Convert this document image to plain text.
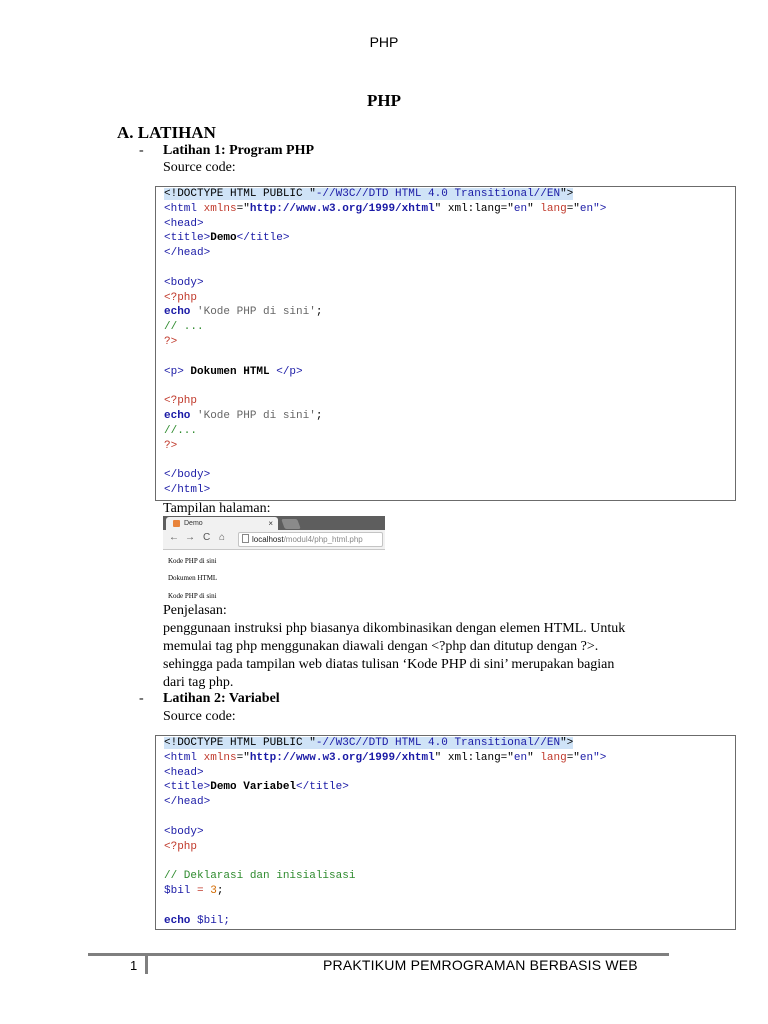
PHP
PHP
A. LATIHAN
- Latihan 1: Program PHP
Source code:
<!DOCTYPE HTML PUBLIC "-//W3C//DTD HTML 4.0 Transitional//EN">
<html xmlns="http://www.w3.org/1999/xhtml" xml:lang="en" lang="en">
<head>
<title>Demo</title>
</head>
<body>
<?php
echo 'Kode PHP di sini';
// ...
?>
<p> Dokumen HTML </p>
<?php
echo 'Kode PHP di sini';
//...
?>
</body>
</html>
Tampilan halaman:
Demo	×
← → C ⌂	localhost/modul4/php_html.php
Kode PHP di sini
Dokumen HTML
Kode PHP di sini
Penjelasan:
penggunaan instruksi php biasanya dikombinasikan dengan elemen HTML. Untuk
memulai tag php menggunakan diawali dengan <?php dan ditutup dengan ?>.
sehingga pada tampilan web diatas tulisan ‘Kode PHP di sini’ merupakan bagian
dari tag php.
- Latihan 2: Variabel
Source code:
<!DOCTYPE HTML PUBLIC "-//W3C//DTD HTML 4.0 Transitional//EN">
<html xmlns="http://www.w3.org/1999/xhtml" xml:lang="en" lang="en">
<head>
<title>Demo Variabel</title>
</head>
<body>
<?php
// Deklarasi dan inisialisasi
$bil = 3;
echo $bil;
1	PRAKTIKUM PEMROGRAMAN BERBASIS WEB
